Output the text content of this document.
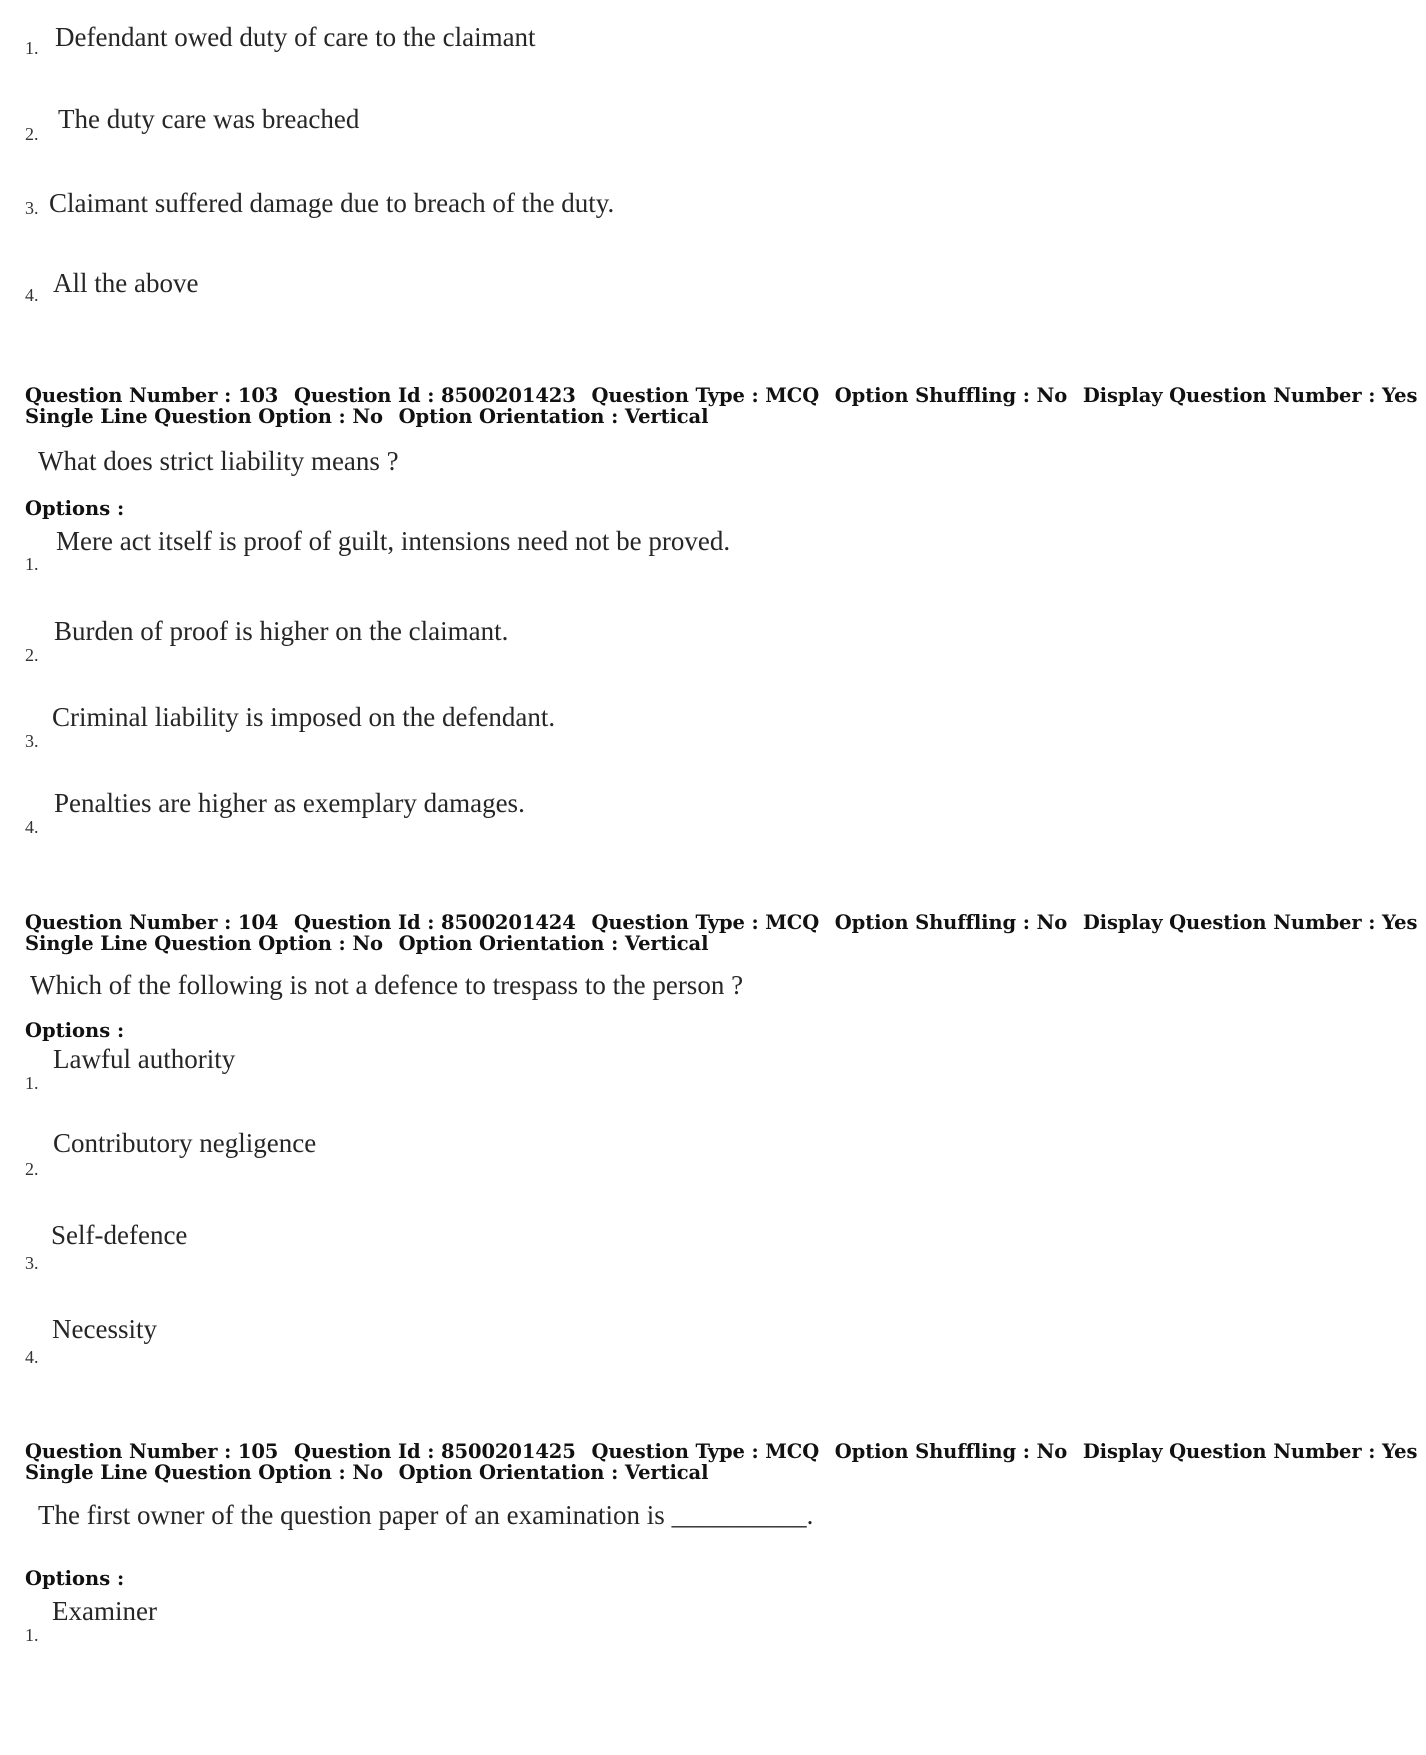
1. Defendant owed duty of care to the claimant
2. The duty care was breached
3. Claimant suffered damage due to breach of the duty.
4. All the above
Question Number : 103 Question Id : 8500201423 Question Type : MCQ Option Shuffling : No Display Question Number : Yes
Single Line Question Option : No Option Orientation : Vertical
What does strict liability means ?
Options :
1.
Mere act itself is proof of guilt, intensions need not be proved.
2.
Burden of proof is higher on the claimant.
3.
Criminal liability is imposed on the defendant.
4.
Penalties are higher as exemplary damages.
Question Number : 104 Question Id : 8500201424 Question Type : MCQ Option Shuffling : No Display Question Number : Yes
Single Line Question Option : No Option Orientation : Vertical
Which of the following is not a defence to trespass to the person ?
Options :
1.
Lawful authority
2.
Contributory negligence
3.
Self-defence
4.
Necessity
Question Number : 105 Question Id : 8500201425 Question Type : MCQ Option Shuffling : No Display Question Number : Yes
Single Line Question Option : No Option Orientation : Vertical
The first owner of the question paper of an examination is __________.
Options :
1.
Examiner
